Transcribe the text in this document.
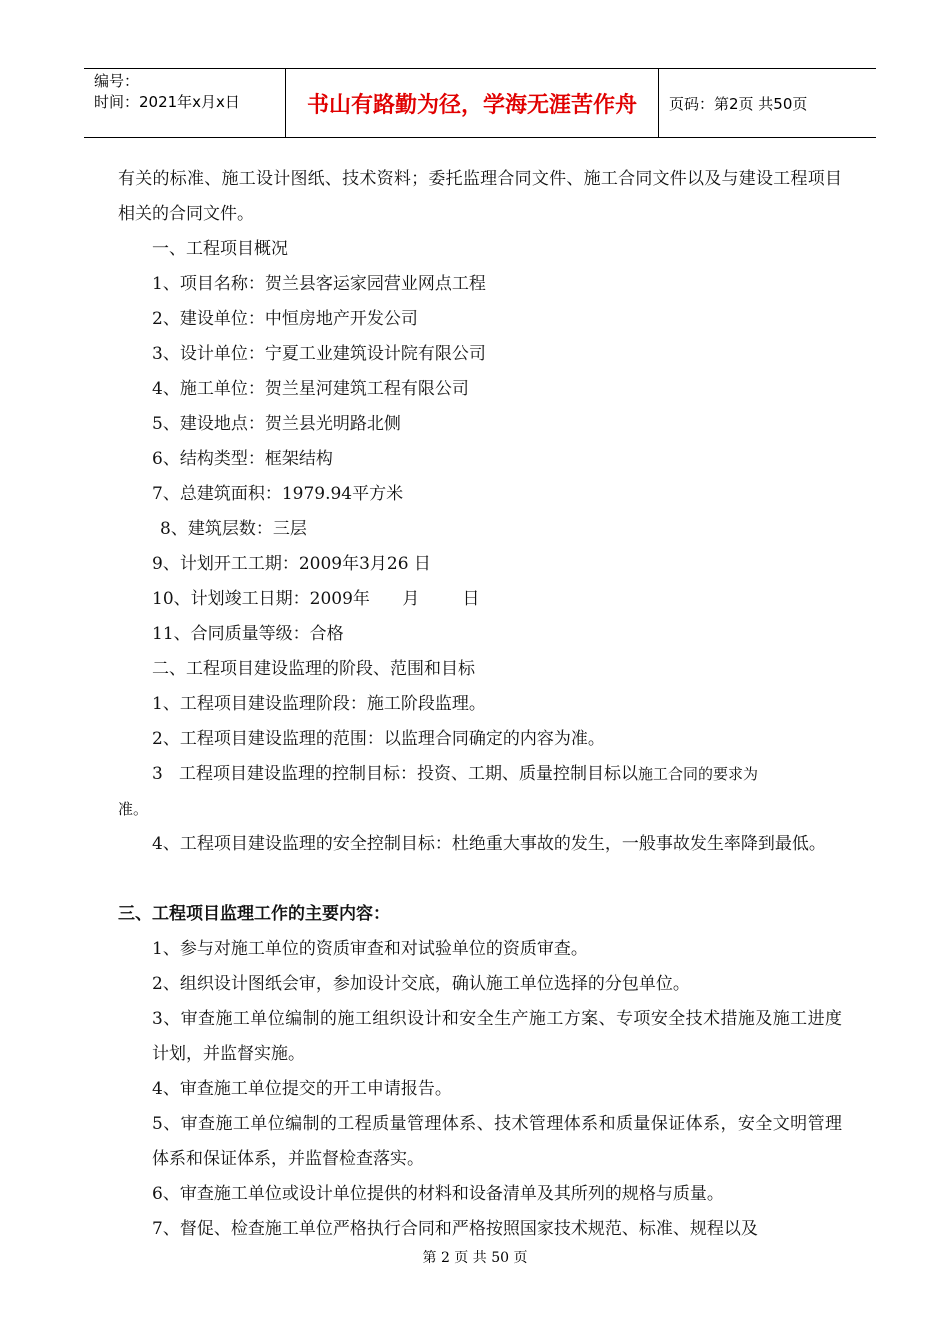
编号：
时间：2021年x月x日	书山有路勤为径，学海无涯苦作舟	页码：第2页 共50页

有关的标准、施工设计图纸、技术资料；委托监理合同文件、施工合同文件以及与建设工程项目相关的合同文件。

一、工程项目概况

1、项目名称：贺兰县客运家园营业网点工程

2、建设单位：中恒房地产开发公司

3、设计单位：宁夏工业建筑设计院有限公司

4、施工单位：贺兰星河建筑工程有限公司

5、建设地点：贺兰县光明路北侧

6、结构类型：框架结构

7、总建筑面积：1979.94平方米

8、建筑层数：三层

9、计划开工工期：2009年3月26 日

10、计划竣工日期：2009年      月        日

11、合同质量等级：合格

二、工程项目建设监理的阶段、范围和目标

1、工程项目建设监理阶段：施工阶段监理。

2、工程项目建设监理的范围：以监理合同确定的内容为准。

3   工程项目建设监理的控制目标：投资、工期、质量控制目标以施工合同的要求为

准。

4、工程项目建设监理的安全控制目标：杜绝重大事故的发生，一般事故发生率降到最低。

三、工程项目监理工作的主要内容：

1、参与对施工单位的资质审查和对试验单位的资质审查。

2、组织设计图纸会审，参加设计交底，确认施工单位选择的分包单位。

3、审查施工单位编制的施工组织设计和安全生产施工方案、专项安全技术措施及施工进度计划，并监督实施。

4、审查施工单位提交的开工申请报告。

5、审查施工单位编制的工程质量管理体系、技术管理体系和质量保证体系，安全文明管理体系和保证体系，并监督检查落实。

6、审查施工单位或设计单位提供的材料和设备清单及其所列的规格与质量。

7、督促、检查施工单位严格执行合同和严格按照国家技术规范、标准、规程以及

第 2 页 共 50 页
